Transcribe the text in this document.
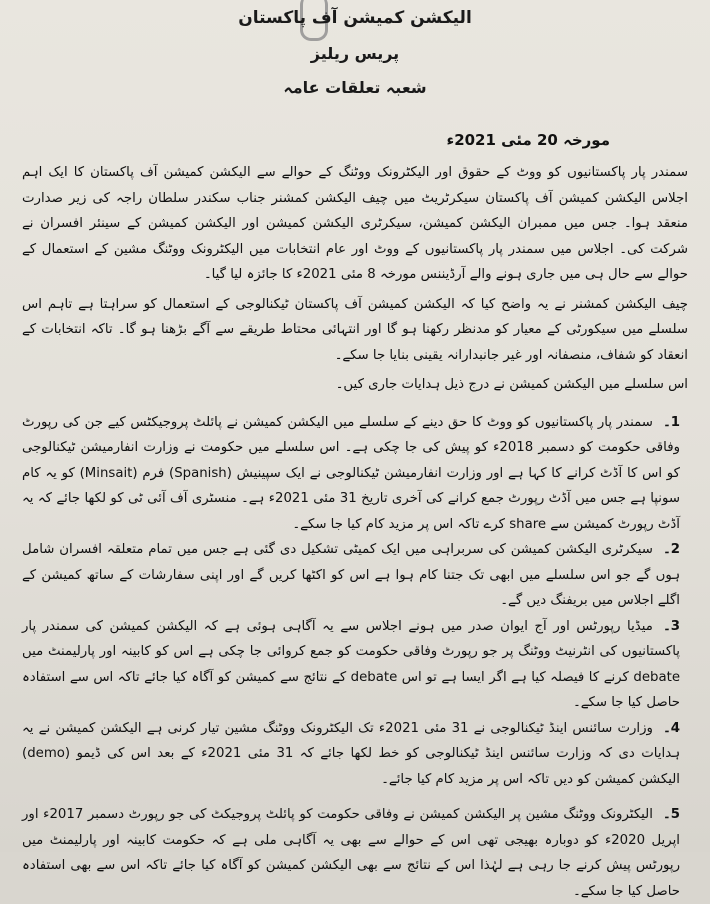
الیکشن کمیشن آف پاکستان
پریس ریلیز
شعبہ تعلقات عامہ
مورخہ 20 مئی 2021ء

سمندر پار پاکستانیوں کو ووٹ کے حقوق اور الیکٹرونک ووٹنگ کے حوالے سے الیکشن کمیشن آف پاکستان کا ایک اہم اجلاس الیکشن کمیشن آف پاکستان سیکرٹریٹ میں چیف الیکشن کمشنر جناب سکندر سلطان راجہ کی زیر صدارت منعقد ہوا۔ جس میں ممبران الیکشن کمیشن، سیکرٹری الیکشن کمیشن اور الیکشن کمیشن کے سینئر افسران نے شرکت کی۔ اجلاس میں سمندر پار پاکستانیوں کے ووٹ اور عام انتخابات میں الیکٹرونک ووٹنگ مشین کے استعمال کے حوالے سے حال ہی میں جاری ہونے والے آرڈیننس مورخہ 8 مئی 2021ء کا جائزہ لیا گیا۔

چیف الیکشن کمشنر نے یہ واضح کیا کہ الیکشن کمیشن آف پاکستان ٹیکنالوجی کے استعمال کو سراہتا ہے تاہم اس سلسلے میں سیکورٹی کے معیار کو مدنظر رکھنا ہو گا اور انتہائی محتاط طریقے سے آگے بڑھنا ہو گا۔ تاکہ انتخابات کے انعقاد کو شفاف، منصفانہ اور غیر جانبدارانہ یقینی بنایا جا سکے۔

اس سلسلے میں الیکشن کمیشن نے درج ذیل ہدایات جاری کیں۔

1۔سمندر پار پاکستانیوں کو ووٹ کا حق دینے کے سلسلے میں الیکشن کمیشن نے پائلٹ پروجیکٹس کیے جن کی رپورٹ وفاقی حکومت کو دسمبر 2018ء کو پیش کی جا چکی ہے۔ اس سلسلے میں حکومت نے وزارت انفارمیشن ٹیکنالوجی کو اس کا آڈٹ کرانے کا کہا ہے اور وزارت انفارمیشن ٹیکنالوجی نے ایک سپینیش (Spanish) فرم (Minsait) کو یہ کام سونپا ہے جس میں آڈٹ رپورٹ جمع کرانے کی آخری تاریخ 31 مئی 2021ء ہے۔ منسٹری آف آئی ٹی کو لکھا جائے کہ یہ آڈٹ رپورٹ کمیشن سے share کرے تاکہ اس پر مزید کام کیا جا سکے۔
2۔سیکرٹری الیکشن کمیشن کی سربراہی میں ایک کمیٹی تشکیل دی گئی ہے جس میں تمام متعلقہ افسران شامل ہوں گے جو اس سلسلے میں ابھی تک جتنا کام ہوا ہے اس کو اکٹھا کریں گے اور اپنی سفارشات کے ساتھ کمیشن کے اگلے اجلاس میں بریفنگ دیں گے۔
3۔میڈیا رپورٹس اور آج ایوان صدر میں ہونے اجلاس سے یہ آگاہی ہوئی ہے کہ الیکشن کمیشن کی سمندر پار پاکستانیوں کی انٹرنیٹ ووٹنگ پر جو رپورٹ وفاقی حکومت کو جمع کروائی جا چکی ہے اس کو کابینہ اور پارلیمنٹ میں debate کرنے کا فیصلہ کیا ہے اگر ایسا ہے تو اس debate کے نتائج سے کمیشن کو آگاہ کیا جائے تاکہ اس سے استفادہ حاصل کیا جا سکے۔
4۔وزارت سائنس اینڈ ٹیکنالوجی نے 31 مئی 2021ء تک الیکٹرونک ووٹنگ مشین تیار کرنی ہے الیکشن کمیشن نے یہ ہدایات دی کہ وزارت سائنس اینڈ ٹیکنالوجی کو خط لکھا جائے کہ 31 مئی 2021ء کے بعد اس کی ڈیمو (demo) الیکشن کمیشن کو دیں تاکہ اس پر مزید کام کیا جائے۔
5۔الیکٹرونک ووٹنگ مشین پر الیکشن کمیشن نے وفاقی حکومت کو پائلٹ پروجیکٹ کی جو رپورٹ دسمبر 2017ء اور اپریل 2020ء کو دوبارہ بھیجی تھی اس کے حوالے سے بھی یہ آگاہی ملی ہے کہ حکومت کابینہ اور پارلیمنٹ میں رپورٹس پیش کرنے جا رہی ہے لہٰذا اس کے نتائج سے بھی الیکشن کمیشن کو آگاہ کیا جائے تاکہ اس سے بھی استفادہ حاصل کیا جا سکے۔
